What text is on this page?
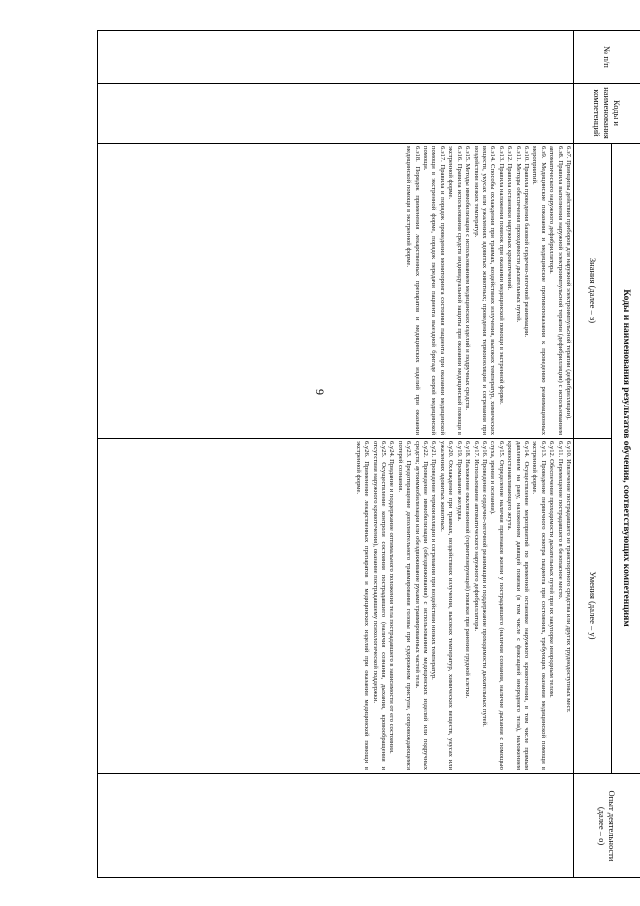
9
№ п/п
Коды и наименования компетенций
Коды и наименования результатов обучения, соответствующих компетенциям
Знания (далее – з)
Умения (далее – у)
Опыт деятельности (далее – о)
6.з7. Принципы действия приборов для наружной электроимпульсной терапии (дефибрилляции).
6.з8. Правила выполнения наружной электроимпульсной терапии (дефибрилляции) с использованием автоматического наружного дефибриллятора.
6.з9. Медицинские показания и медицинские противопоказания к проведению реанимационных мероприятий.
6.з10. Правила проведения базовой сердечно-легочной реанимации.
6.з11. Методы обеспечения проходимости дыхательных путей.
6.з12. Правила остановки наружных кровотечений.
6.з13. Правила наложения повязок при оказании медицинской помощи в экстренной форме.
6.з14. Способы охлаждения при травмах, воздействиях излучения, высоких температур, химических веществ, укусах или ужалениях ядовитых животных; проведения термоизоляции и согревания при воздействии низких температур.
6.з15. Методы иммобилизации с использованием медицинских изделий и подручных средств.
6.з16. Правила использования средств индивидуальной защиты при оказании медицинской помощи в экстренной форме.
6.з17. Правила и порядок проведения мониторинга состояния пациента при оказании медицинской помощи в экстренной форме, порядок передачи пациента выездной бригаде скорой медицинской помощи.
6.з18. Порядок применения лекарственных препаратов и медицинских изделий при оказании медицинской помощи в экстренной форме.
6.у10. Извлечение пострадавшего из транспортного средства или других труднодоступных мест.
6.у11. Перемещение пострадавшего в безопасное место.
6.у12. Обеспечение проходимости дыхательных путей при их закупорке инородным телом.
6.у13. Проведение первичного осмотра пациента при состояниях, требующих оказания медицинской помощи в экстренной форме.
6.у14. Осуществление мероприятий по временной остановке наружного кровотечения, в том числе прямым давлением на рану, наложением давящей повязки (в том числе с фиксацией инородного тела), наложением кровоостанавливающего жгута.
6.у15. Определение наличия признаков жизни у пострадавшего (наличия сознания, наличие дыхания с помощью слуха, зрения и осязания).
6.у16. Проведение сердечно-легочной реанимации и поддержание проходимости дыхательных путей.
6.у17. Использование автоматического наружного дефибриллятора.
6.у18. Наложение окклюзионной (герметизирующей) повязки при ранении грудной клетки.
6.у19. Промывание желудка.
6.у20. Охлаждение при травмах, воздействиях излучения, высоких температур, химических веществ, укусах или ужалениях ядовитых животных.
6.у21. Проведение термоизоляции и согревания при воздействии низких температур.
6.у22. Проведение иммобилизации (обездвиживания) с использованием медицинских изделий или подручных средств; аутоиммобилизация или обездвиживание руками травмированных частей тела.
6.у23. Предотвращение дополнительного травмирования головы при судорожном приступе, сопровождающемся потерей сознания.
6.у24. Придание и поддержание оптимального положения тела пострадавшего в зависимости от его состояния.
6.у25. Осуществление контроля состояния пострадавшего (наличия сознания, дыхания, кровообращения и отсутствия наружного кровотечения), оказание пострадавшему психологической поддержки.
6.у26. Применение лекарственных препаратов и медицинских изделий при оказании медицинской помощи в экстренной форме.
